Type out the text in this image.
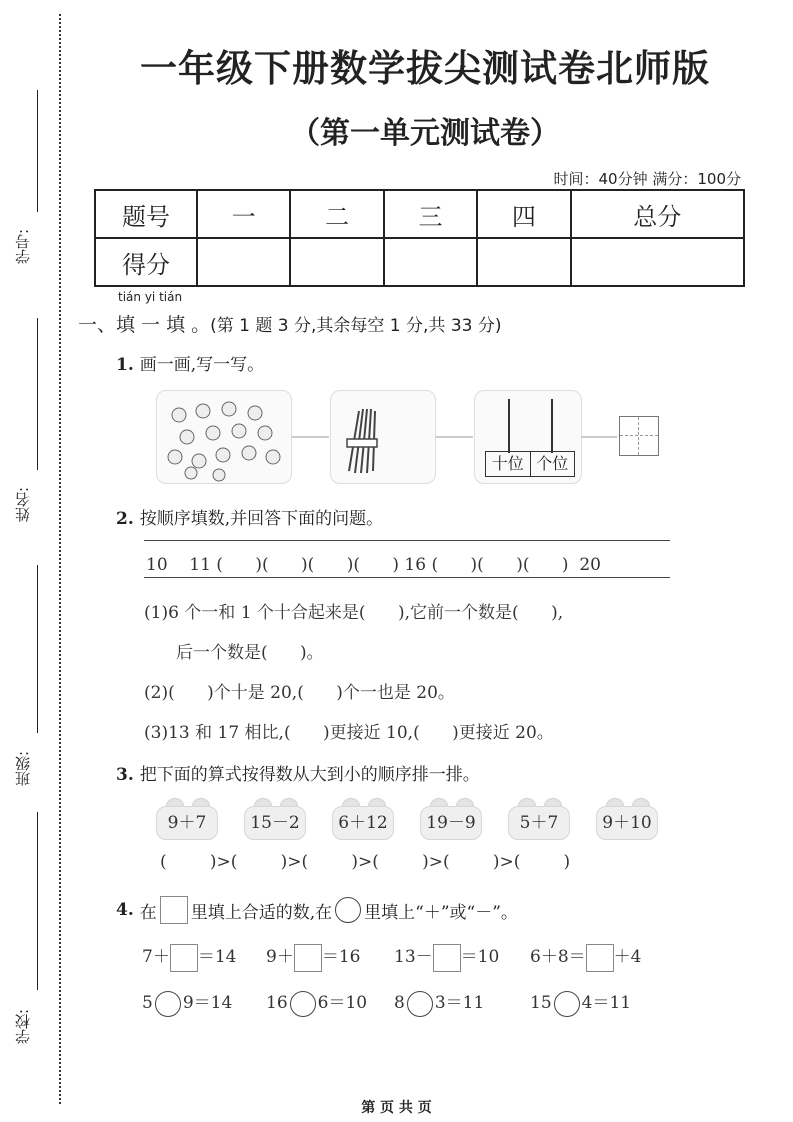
学号:
姓名:
班级:
学校:
一年级下册数学拔尖测试卷北师版
（第一单元测试卷）
时间：40分钟 满分：100分
题号	一	二	三	四	总分
得分					
tián yi tián
一、填 一 填 。(第 1 题 3 分,其余每空 1 分,共 33 分)
1. 画一画,写一写。
十位 个位
2. 按顺序填数,并回答下面的问题。
10    11 (      )(      )(      )(      ) 16 (      )(      )(      )  20
(1)6 个一和 1 个十合起来是(      ),它前一个数是(      ),
后一个数是(      )。
(2)(      )个十是 20,(      )个一也是 20。
(3)13 和 17 相比,(      )更接近 10,(      )更接近 20。
3. 把下面的算式按得数从大到小的顺序排一排。
9＋7	15－2	6＋12	19－9	5＋7	9＋10
(        )>(        )>(        )>(        )>(        )>(        )
4. 在 里填上合适的数,在 里填上“＋”或“－”。
7＋ ＝14 9＋ ＝16 13－ ＝10 6＋8＝ ＋4
5 9＝14 16 6＝10 8 3＝11	15 4＝11
第 页 共 页
